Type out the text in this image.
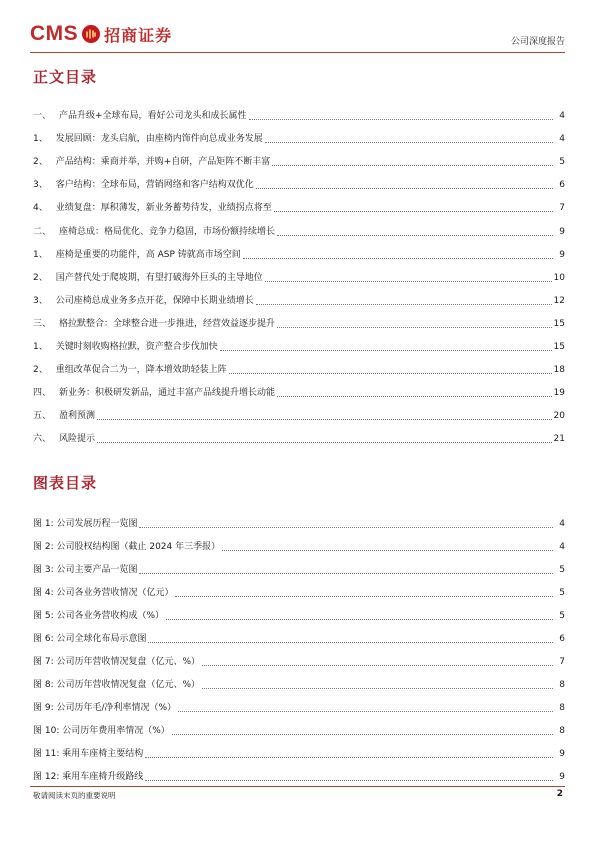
CMS 招商证券	公司深度报告
正文目录
一、 产品升级+全球布局，看好公司龙头和成长属性	4
1、 发展回顾：龙头启航，由座椅内饰件向总成业务发展	4
2、 产品结构：乘商并举，并购+自研，产品矩阵不断丰富	5
3、 客户结构：全球布局，营销网络和客户结构双优化	6
4、 业绩复盘：厚积薄发，新业务蓄势待发，业绩拐点将至	7
二、 座椅总成：格局优化、竞争力稳固，市场份额持续增长	9
1、 座椅是重要的功能件，高 ASP 铸就高市场空间	9
2、 国产替代处于爬坡期，有望打破海外巨头的主导地位	10
3、 公司座椅总成业务多点开花，保障中长期业绩增长	12
三、 格拉默整合：全球整合进一步推进，经营效益逐步提升	15
1、 关键时刻收购格拉默，资产整合步伐加快	15
2、 重组改革促合二为一，降本增效助轻装上阵	18
四、 新业务：积极研发新品，通过丰富产品线提升增长动能	19
五、 盈利预测	20
六、 风险提示	21
图表目录
图 1: 公司发展历程一览图	4
图 2: 公司股权结构图（截止 2024 年三季报）	4
图 3: 公司主要产品一览图	5
图 4: 公司各业务营收情况（亿元）	5
图 5: 公司各业务营收构成（%）	5
图 6: 公司全球化布局示意图	6
图 7: 公司历年营收情况复盘（亿元、%）	7
图 8: 公司历年营收情况复盘（亿元、%）	8
图 9: 公司历年毛/净利率情况（%）	8
图 10: 公司历年费用率情况（%）	8
图 11: 乘用车座椅主要结构	9
图 12: 乘用车座椅升级路线	9
敬请阅读末页的重要说明	2
